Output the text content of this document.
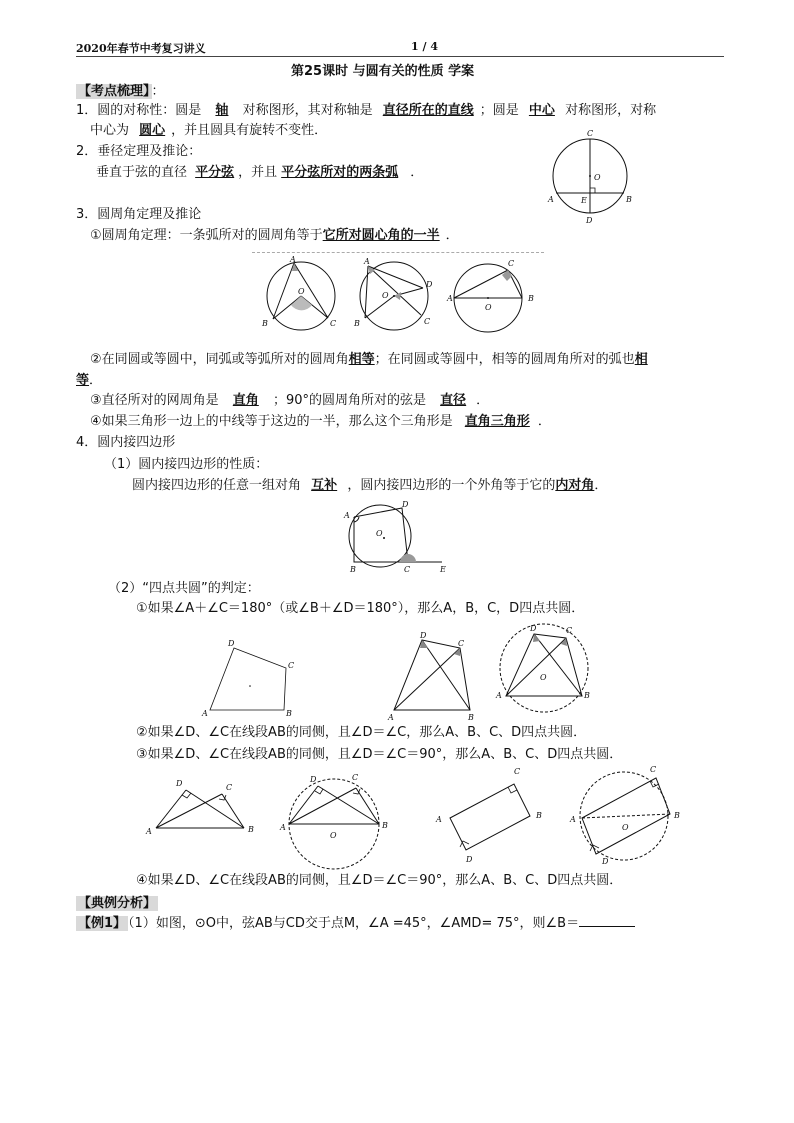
2020年春节中考复习讲义	1 / 4
第25课时 与圆有关的性质 学案
【考点梳理】 ：
1．圆的对称性：圆是 轴 对称图形，其对称轴是 直径所在的直线 ；圆是 中心 对称图形，对称
中心为 圆心 ，并且圆具有旋转不变性．
2．垂径定理及推论：
垂直于弦的直径 平分弦 ，并且 平分弦所对的两条弧 ．
C
O
A	E	B
D
3．圆周角定理及推论
①圆周角定理：一条弧所对的圆周角等于它所对圆心角的一半 ．
A
O
B	C
A
O
D
B	C
C
A
O
B
②在同圆或等圆中，同弧或等弧所对的圆周角相等；在同圆或等圆中，相等的圆周角所对的弧也相
等．
③直径所对的网周角是 直角 ；90°的圆周角所对的弦是 直径 ．
④如果三角形一边上的中线等于这边的一半，那么这个三角形是 直角三角形 ．
4．圆内接四边形
（1）圆内接四边形的性质：
圆内接四边形的任意一组对角 互补 ，圆内接四边形的一个外角等于它的内对角．
A
D
O
B	C	E
（2）“四点共圆”的判定：
①如果∠A＋∠C＝180°（或∠B＋∠D＝180°），那么A，B，C，D四点共圆．
D
C
A	B
D
C
A	B
D	C
O
A	B
②如果∠D、∠C在线段AB的同侧，且∠D＝∠C，那么A、B、C、D四点共圆．
③如果∠D、∠C在线段AB的同侧，且∠D＝∠C＝90°，那么A、B、C、D四点共圆．
D	C
A	B
D	C
A
O
B
C
A	B
D
C
A
O
B
D
④如果∠D、∠C在线段AB的同侧，且∠D＝∠C＝90°，那么A、B、C、D四点共圆．
【典例分析】
【例1】 （1）如图，⊙O中，弦AB与CD交于点M，∠A =45°，∠AMD= 75°，则∠B＝
